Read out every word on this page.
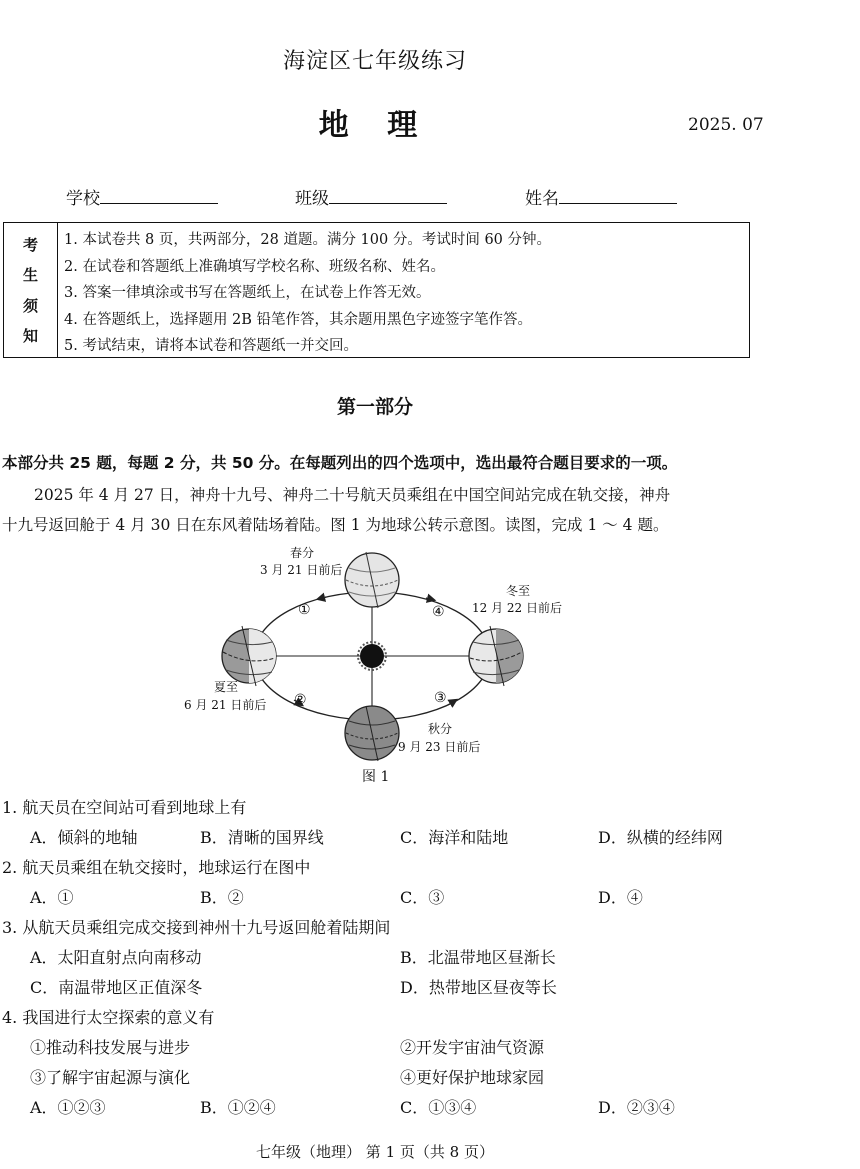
海淀区七年级练习
地 理	2025. 07
学校	班级	姓名
考
生
须
知
1. 本试卷共 8 页，共两部分，28 道题。满分 100 分。考试时间 60 分钟。
2. 在试卷和答题纸上准确填写学校名称、班级名称、姓名。
3. 答案一律填涂或书写在答题纸上，在试卷上作答无效。
4. 在答题纸上，选择题用 2B 铅笔作答，其余题用黑色字迹签字笔作答。
5. 考试结束，请将本试卷和答题纸一并交回。
第一部分
本部分共 25 题，每题 2 分，共 50 分。在每题列出的四个选项中，选出最符合题目要求的一项。
2025 年 4 月 27 日，神舟十九号、神舟二十号航天员乘组在中国空间站完成在轨交接，神舟
十九号返回舱于 4 月 30 日在东风着陆场着陆。图 1 为地球公转示意图。读图，完成 1 ～ 4 题。
春分
3 月 21 日前后
夏至
6 月 21 日前后
秋分
9 月 23 日前后
冬至
12 月 22 日前后
①
②	③
④
图 1
1. 航天员在空间站可看到地球上有
A．倾斜的地轴	B．清晰的国界线	C．海洋和陆地	D．纵横的经纬网
2. 航天员乘组在轨交接时，地球运行在图中
A．①	B．②	C．③	D．④
3. 从航天员乘组完成交接到神州十九号返回舱着陆期间
A．太阳直射点向南移动	B．北温带地区昼渐长
C．南温带地区正值深冬	D．热带地区昼夜等长
4. 我国进行太空探索的意义有
①推动科技发展与进步	②开发宇宙油气资源
③了解宇宙起源与演化	④更好保护地球家园
A．①②③	B．①②④	C．①③④	D．②③④
七年级（地理） 第 1 页（共 8 页）
